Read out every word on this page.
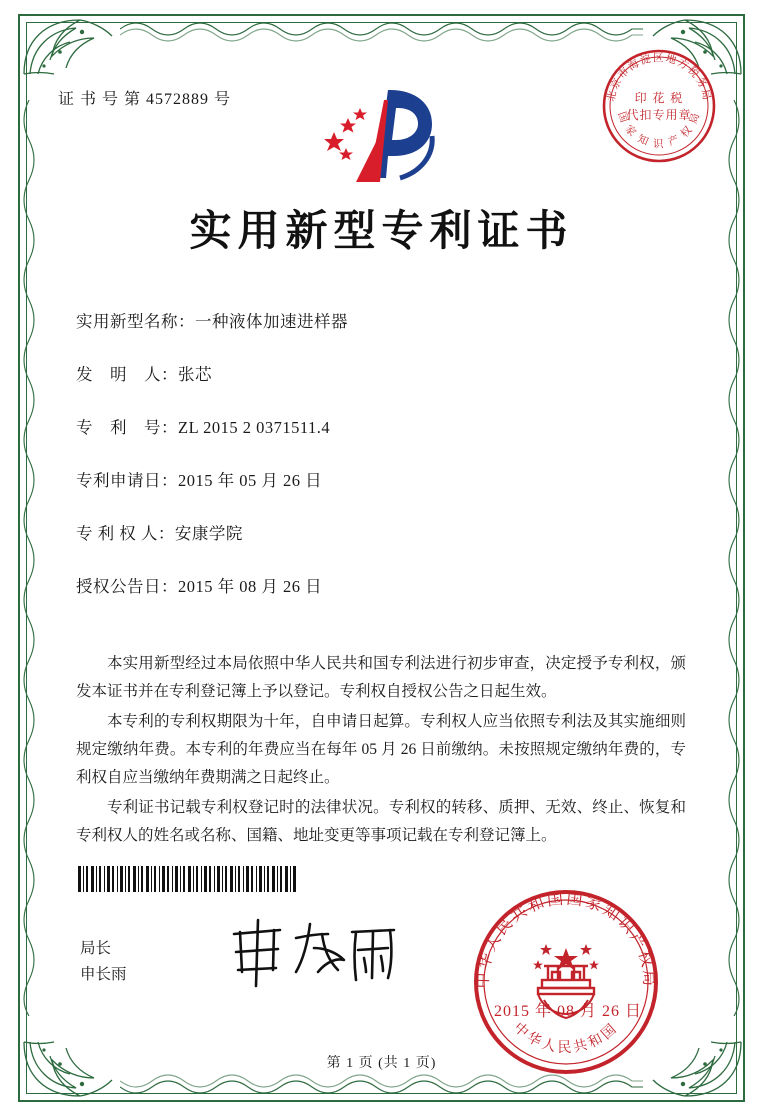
证 书 号 第 4572889 号	北京市海淀区地方税务局
国 家 知 识 产 权 局
印 花 税
代扣专用章
实用新型专利证书
实用新型名称：一种液体加速进样器
发　明　人：张芯
专　利　号：ZL 2015 2 0371511.4
专利申请日：2015 年 05 月 26 日
专 利 权 人：安康学院
授权公告日：2015 年 08 月 26 日

本实用新型经过本局依照中华人民共和国专利法进行初步审查，决定授予专利权，颁发本证书并在专利登记簿上予以登记。专利权自授权公告之日起生效。

本专利的专利权期限为十年，自申请日起算。专利权人应当依照专利法及其实施细则规定缴纳年费。本专利的年费应当在每年 05 月 26 日前缴纳。未按照规定缴纳年费的，专利权自应当缴纳年费期满之日起终止。

专利证书记载专利权登记时的法律状况。专利权的转移、质押、无效、终止、恢复和专利权人的姓名或名称、国籍、地址变更等事项记载在专利登记簿上。

局长
申长雨	中华人民共和国国家知识产权局
中华人民共和国
2015 年 08 月 26 日
第 1 页 (共 1 页)
